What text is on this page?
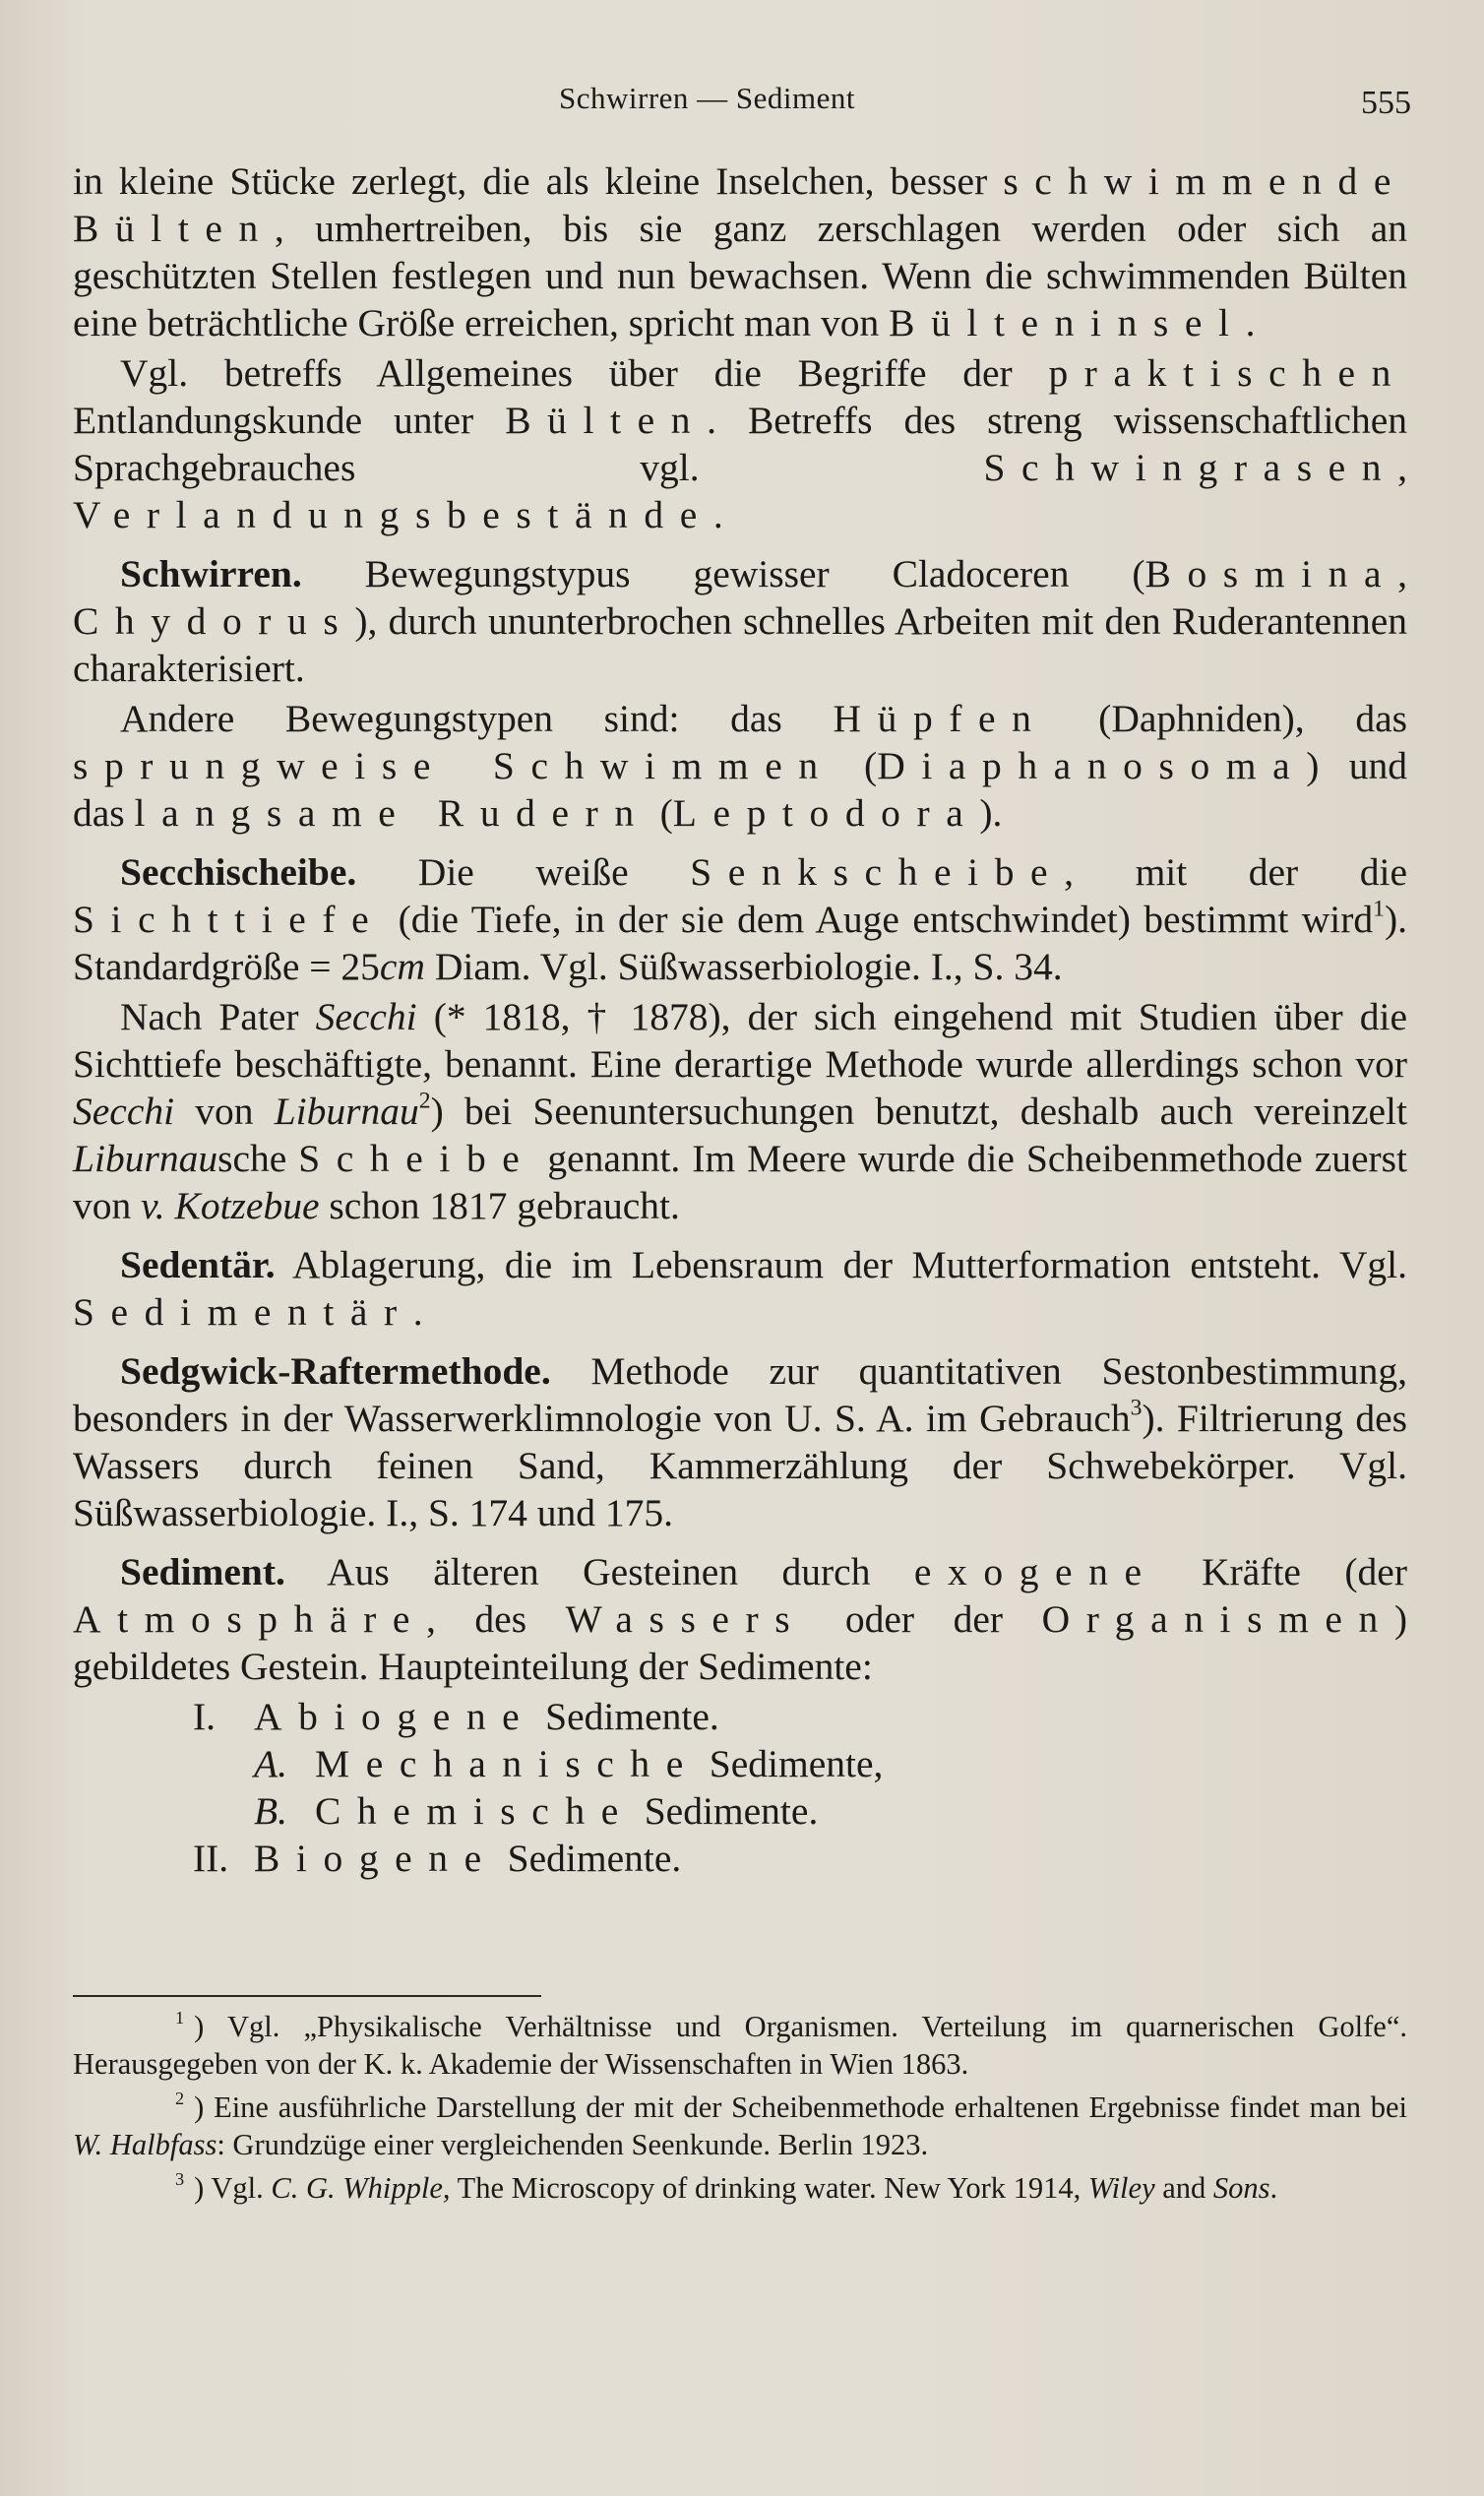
Schwirren — Sediment	555

in kleine Stücke zerlegt, die als kleine Inselchen, besser schwimmende Bülten, umhertreiben, bis sie ganz zerschlagen werden oder sich an geschützten Stellen festlegen und nun bewachsen. Wenn die schwimmenden Bülten eine beträchtliche Größe erreichen, spricht man von Bülteninsel.

Vgl. betreffs Allgemeines über die Begriffe der praktischen Entlandungskunde unter Bülten. Betreffs des streng wissenschaftlichen Sprachgebrauches vgl. Schwingrasen, Verlandungsbestände.

Schwirren. Bewegungstypus gewisser Cladoceren (Bosmina, Chydorus), durch ununterbrochen schnelles Arbeiten mit den Ruderantennen charakterisiert.

Andere Bewegungstypen sind: das Hüpfen (Daphniden), das sprungweise Schwimmen (Diaphanosoma) und das langsame Rudern (Leptodora).

Secchischeibe. Die weiße Senkscheibe, mit der die Sichttiefe (die Tiefe, in der sie dem Auge entschwindet) bestimmt wird$^1$). Standardgröße = 25cm Diam. Vgl. Süßwasserbiologie. I., S. 34.

Nach Pater Secchi (* 1818, † 1878), der sich eingehend mit Studien über die Sichttiefe beschäftigte, benannt. Eine derartige Methode wurde allerdings schon vor Secchi von Liburnau$^2$) bei Seenuntersuchungen benutzt, deshalb auch vereinzelt Liburnausche Scheibe genannt. Im Meere wurde die Scheibenmethode zuerst von v. Kotzebue schon 1817 gebraucht.

Sedentär. Ablagerung, die im Lebensraum der Mutterformation entsteht. Vgl. Sedimentär.

Sedgwick-Raftermethode. Methode zur quantitativen Sestonbestimmung, besonders in der Wasserwerklimnologie von U. S. A. im Gebrauch$^3$). Filtrierung des Wassers durch feinen Sand, Kammerzählung der Schwebekörper. Vgl. Süßwasserbiologie. I., S. 174 und 175.

Sediment. Aus älteren Gesteinen durch exogene Kräfte (der Atmosphäre, des Wassers oder der Organismen) gebildetes Gestein. Haupteinteilung der Sedimente:

I. Abiogene Sedimente.
A. Mechanische Sedimente,
B. Chemische Sedimente.
II. Biogene Sedimente.

$^1$ ) Vgl. „Physikalische Verhältnisse und Organismen. Verteilung im quarnerischen Golfe“. Herausgegeben von der K. k. Akademie der Wissenschaften in Wien 1863.

$^2$ ) Eine ausführliche Darstellung der mit der Scheibenmethode erhaltenen Ergebnisse findet man bei W. Halbfass: Grundzüge einer vergleichenden Seenkunde. Berlin 1923.

$^3$ ) Vgl. C. G. Whipple, The Microscopy of drinking water. New York 1914, Wiley and Sons.
